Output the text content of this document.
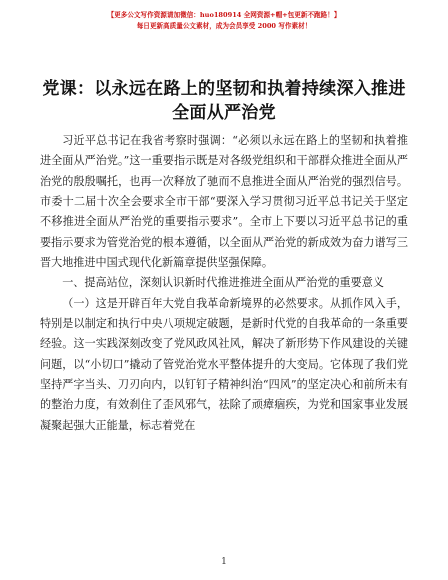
【更多公文写作资源请加微信：huo180914 全网资源+帽+包更新不跑路！】
每日更新高质量公文素材，成为会员享受 2000 写作素材！
党课：以永远在路上的坚韧和执着持续深入推进全面从严治党

习近平总书记在我省考察时强调：“必须以永远在路上的坚韧和执着推进全面从严治党。”这一重要指示既是对各级党组织和干部群众推进全面从严治党的殷殷嘱托，也再一次释放了驰而不息推进全面从严治党的强烈信号。市委十二届十次全会要求全市干部“要深入学习贯彻习近平总书记关于坚定不移推进全面从严治党的重要指示要求”。全市上下要以习近平总书记的重要指示要求为管党治党的根本遵循，以全面从严治党的新成效为奋力谱写三晋大地推进中国式现代化新篇章提供坚强保障。

一、提高站位，深刻认识新时代推进推进全面从严治党的重要意义

（一）这是开辟百年大党自我革命新境界的必然要求。从抓作风入手，特别是以制定和执行中央八项规定破题，是新时代党的自我革命的一条重要经验。这一实践深刻改变了党风政风社风，解决了新形势下作风建设的关键问题，以“小切口”撬动了管党治党水平整体提升的大变局。它体现了我们党坚持严字当头、刀刃向内，以钉钉子精神纠治“四风”的坚定决心和前所未有的整治力度，有效刹住了歪风邪气，祛除了顽瘴痼疾，为党和国家事业发展凝聚起强大正能量，标志着党在

1
